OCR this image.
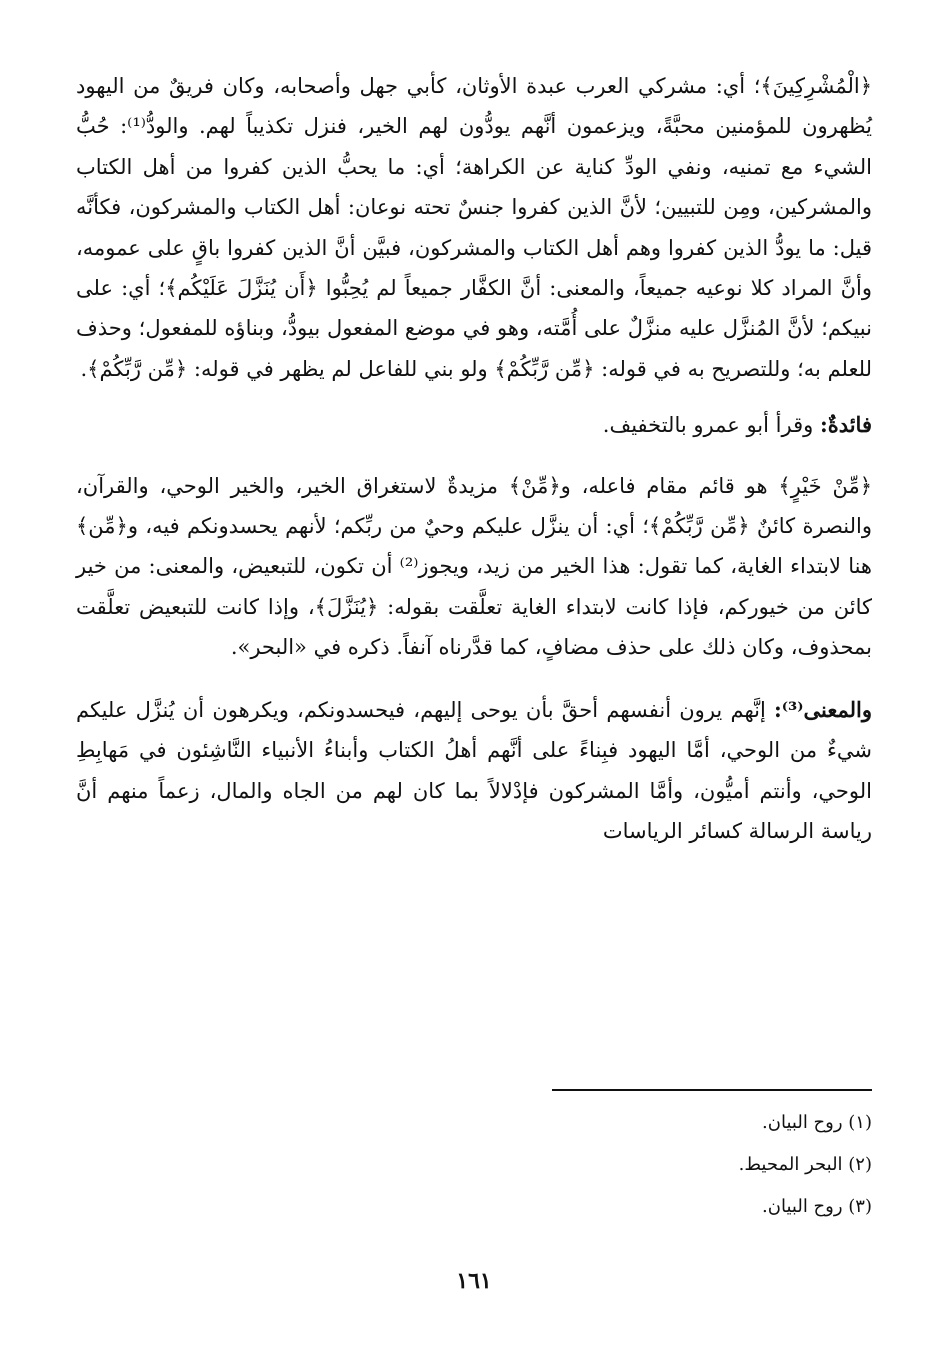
﴿الْمُشْرِكِينَ﴾؛ أي: مشركي العرب عبدة الأوثان، كأبي جهل وأصحابه، وكان فريقٌ من اليهود يُظهرون للمؤمنين محبَّةً، ويزعمون أنَّهم يودُّون لهم الخير، فنزل تكذيباً لهم. والودُّ⁽¹⁾: حُبُّ الشيء مع تمنيه، ونفي الودِّ كناية عن الكراهة؛ أي: ما يحبُّ الذين كفروا من أهل الكتاب والمشركين، ومِن للتبيين؛ لأنَّ الذين كفروا جنسٌ تحته نوعان: أهل الكتاب والمشركون، فكأنَّه قيل: ما يودُّ الذين كفروا وهم أهل الكتاب والمشركون، فبيَّن أنَّ الذين كفروا باقٍ على عمومه، وأنَّ المراد كلا نوعيه جميعاً، والمعنى: أنَّ الكفَّار جميعاً لم يُحِبُّوا ﴿أَن يُنَزَّلَ عَلَيْكُم﴾؛ أي: على نبيكم؛ لأنَّ المُنزَّل عليه منزَّلٌ على أُمَّته، وهو في موضع المفعول بيودُّ، وبناؤه للمفعول؛ وحذف للعلم به؛ وللتصريح به في قوله: ﴿مِّن رَّبِّكُمْ﴾ ولو بني للفاعل لم يظهر في قوله: ﴿مِّن رَّبِّكُمْ﴾.

فائدةٌ: وقرأ أبو عمرو بالتخفيف.

﴿مِّنْ خَيْرٍ﴾ هو قائم مقام فاعله، و﴿مِّنْ﴾ مزيدةٌ لاستغراق الخير، والخير الوحي، والقرآن، والنصرة كائنٌ ﴿مِّن رَّبِّكُمْ﴾؛ أي: أن ينزَّل عليكم وحيٌ من ربِّكم؛ لأنهم يحسدونكم فيه، و﴿مِّن﴾ هنا لابتداء الغاية، كما تقول: هذا الخير من زيد، ويجوز⁽²⁾ أن تكون، للتبعيض، والمعنى: من خير كائن من خيوركم، فإذا كانت لابتداء الغاية تعلَّقت بقوله: ﴿يُنَزَّلَ﴾، وإذا كانت للتبعيض تعلَّقت بمحذوف، وكان ذلك على حذف مضافٍ، كما قدَّرناه آنفاً. ذكره في «البحر».

والمعنى⁽³⁾: إنَّهم يرون أنفسهم أحقَّ بأن يوحى إليهم، فيحسدونكم، ويكرهون أن يُنزَّل عليكم شيءٌ من الوحي، أمَّا اليهود فبِناءً على أنَّهم أهلُ الكتاب وأبناءُ الأنبياء النَّاشِئون في مَهابِطِ الوحي، وأنتم أميُّون، وأمَّا المشركون فإدْلالاً بما كان لهم من الجاه والمال، زعماً منهم أنَّ رياسة الرسالة كسائر الرياسات

(١) روح البيان.
(٢) البحر المحيط.
(٣) روح البيان.
١٦١
